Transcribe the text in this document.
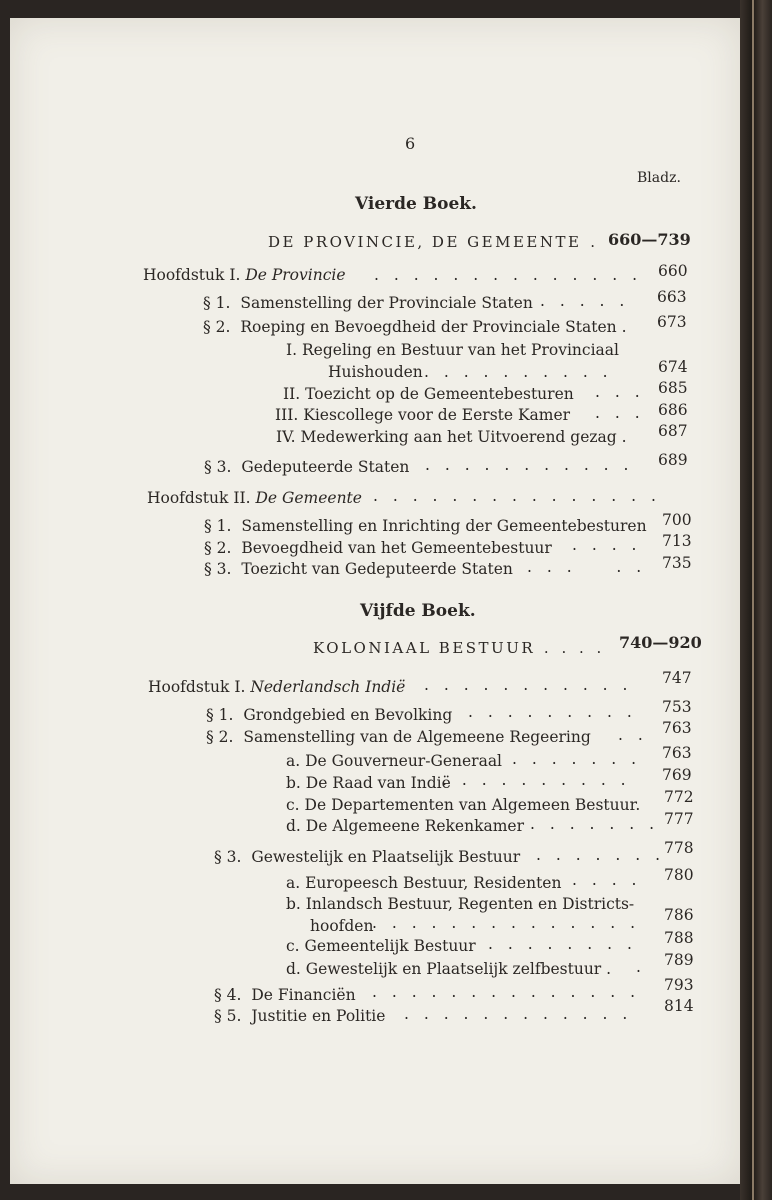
6
Bladz.
Vierde Boek.
DE PROVINCIE, DE GEMEENTE . 660—739
Hoofdstuk I. De Provincie . . . . . . . . . . . . . . 660
§ 1. Samenstelling der Provinciale Staten . . . . . 663
§ 2. Roeping en Bevoegdheid der Provinciale Staten . 673
I. Regeling en Bestuur van het Provinciaal
Huishouden . . . . . . . . . .	674
II. Toezicht op de Gemeentebesturen . . . 685
III. Kiescollege voor de Eerste Kamer . . . 686
IV. Medewerking aan het Uitvoerend gezag . 687
§ 3. Gedeputeerde Staten . . . . . . . . . . . 689
Hoofdstuk II. De Gemeente . . . . . . . . . . . . . . .
§ 1. Samenstelling en Inrichting der Gemeentebesturen 700
§ 2. Bevoegdheid van het Gemeentebestuur . . . . 713
§ 3. Toezicht van Gedeputeerde Staten . . .    . . 735
Vijfde Boek.
KOLONIAAL BESTUUR . . . . 740—920
Hoofdstuk I. Nederlandsch Indië . . . . . . . . . . . 747
§ 1. Grondgebied en Bevolking . . . . . . . . . 753
§ 2. Samenstelling van de Algemeene Regeering . . 763
a. De Gouverneur-Generaal . . . . . . . 763
b. De Raad van Indië
. . . . . . . . . . 769
c. De Departementen van Algemeen Bestuur. 772
d. De Algemeene Rekenkamer . . . . . . . 777
§ 3. Gewestelijk en Plaatselijk Bestuur . . . . . . .
778
a. Europeesch Bestuur, Residenten . . . . 780
b. Inlandsch Bestuur, Regenten en Districts-
hoofden
. . . . . . . . . . . . . . 786
c. Gemeentelijk Bestuur . . . . . . . . 788
d. Gewestelijk en Plaatselijk zelfbestuur . . 789
§ 4. De Financiën . . . . . . . . . . . . . . 793
§ 5. Justitie en Politie . . . . . . . . . . . . 814
